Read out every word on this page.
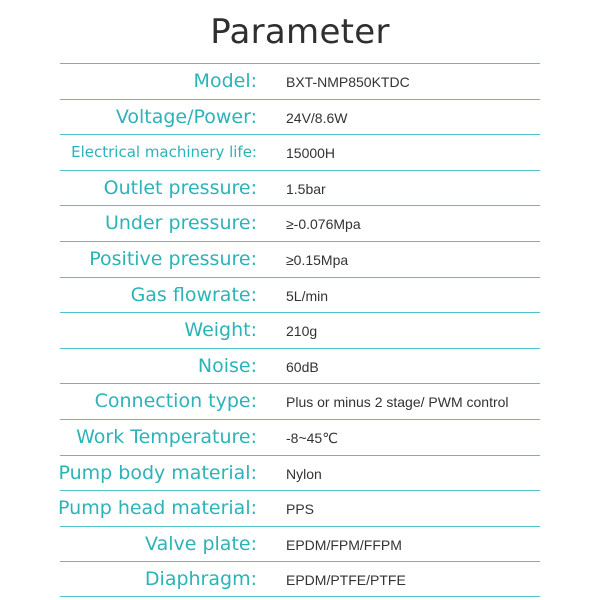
Parameter
Model: BXT-NMP850KTDC
Voltage/Power: 24V/8.6W
Electrical machinery life: 15000H
Outlet pressure: 1.5bar
Under pressure: ≥-0.076Mpa
Positive pressure: ≥0.15Mpa
Gas flowrate: 5L/min
Weight: 210g
Noise: 60dB
Connection type: Plus or minus 2 stage/ PWM control
Work Temperature: -8~45℃
Pump body material: Nylon
Pump head material: PPS
Valve plate: EPDM/FPM/FFPM
Diaphragm: EPDM/PTFE/PTFE
